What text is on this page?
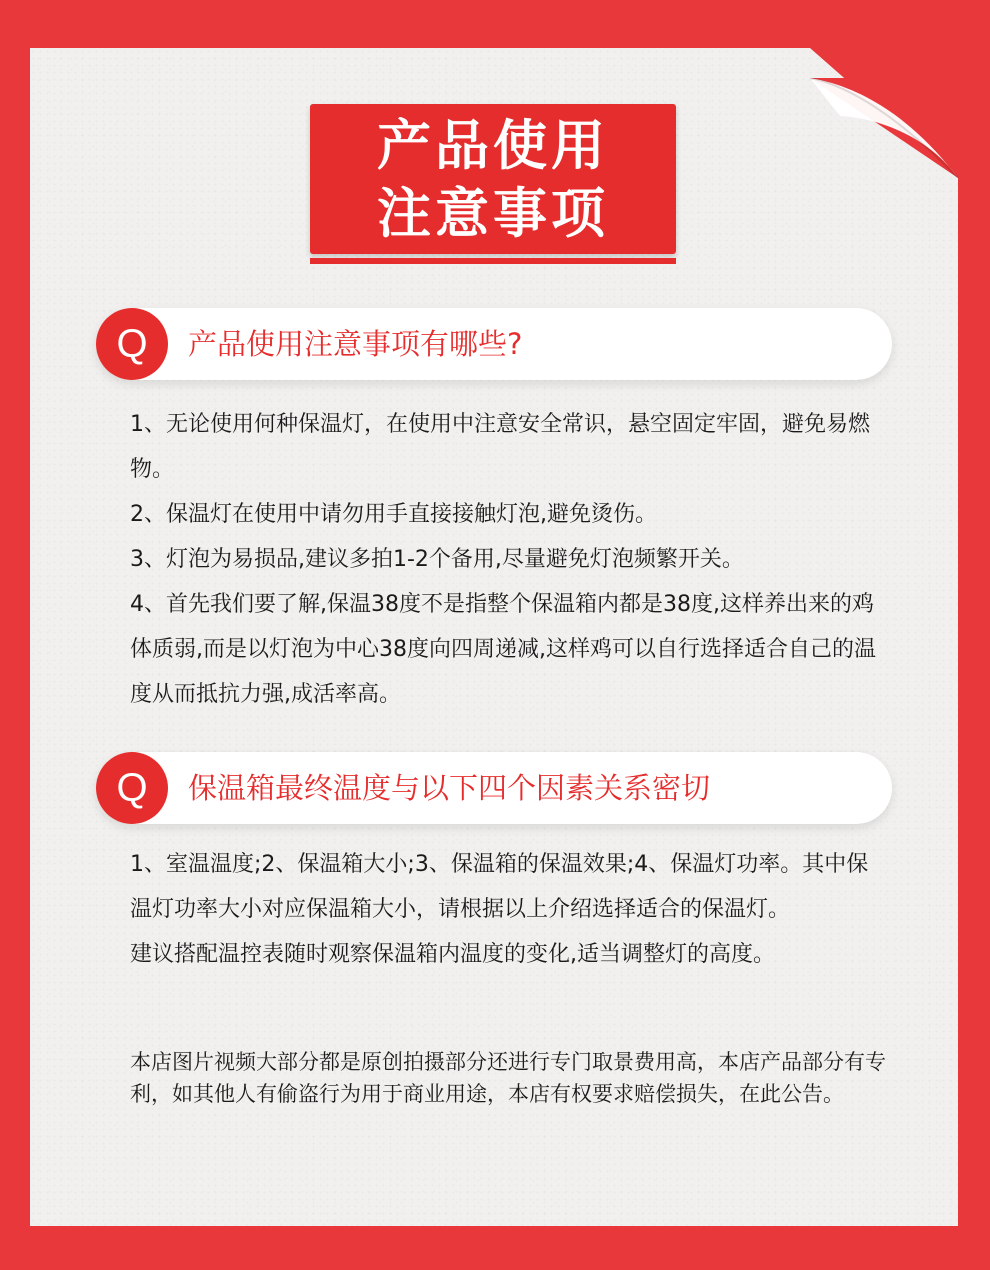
产品使用
注意事项
Q	产品使用注意事项有哪些?

1、无论使用何种保温灯，在使用中注意安全常识，悬空固定牢固，避免易燃物。

2、保温灯在使用中请勿用手直接接触灯泡,避免烫伤。

3、灯泡为易损品,建议多拍1-2个备用,尽量避免灯泡频繁开关。

4、首先我们要了解,保温38度不是指整个保温箱内都是38度,这样养出来的鸡体质弱,而是以灯泡为中心38度向四周递减,这样鸡可以自行选择适合自己的温度从而抵抗力强,成活率高。

Q	保温箱最终温度与以下四个因素关系密切

1、室温温度;2、保温箱大小;3、保温箱的保温效果;4、保温灯功率。其中保温灯功率大小对应保温箱大小，请根据以上介绍选择适合的保温灯。

建议搭配温控表随时观察保温箱内温度的变化,适当调整灯的高度。

本店图片视频大部分都是原创拍摄部分还进行专门取景费用高，本店产品部分有专利，如其他人有偷盗行为用于商业用途，本店有权要求赔偿损失，在此公告。
